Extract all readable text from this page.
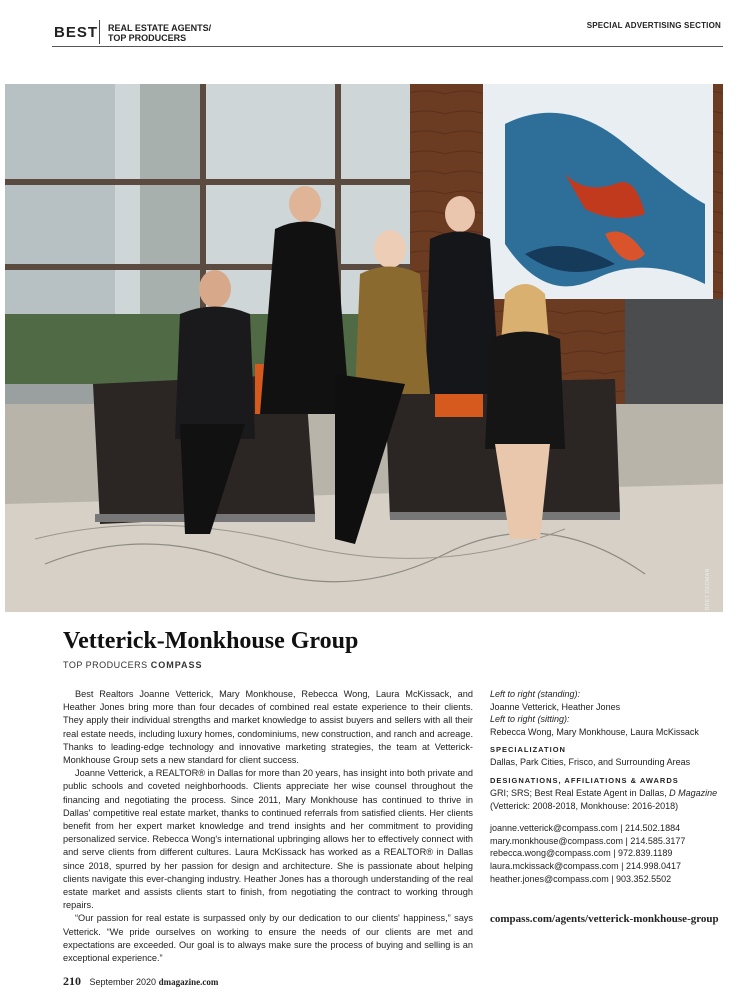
BEST REAL ESTATE AGENTS/
TOP PRODUCERS
SPECIAL ADVERTISING SECTION
BRET REDMAN
Vetterick-Monkhouse Group
TOP PRODUCERS COMPASS

Best Realtors Joanne Vetterick, Mary Monkhouse, Rebecca Wong, Laura McKissack, and Heather Jones bring more than four decades of combined real estate experience to their clients. They apply their individual strengths and market knowledge to assist buyers and sellers with all their real estate needs, including luxury homes, condominiums, new construction, and ranch and acreage. Thanks to leading-edge technology and innovative marketing strategies, the team at Vetterick-Monkhouse Group sets a new standard for client success.

Joanne Vetterick, a REALTOR® in Dallas for more than 20 years, has insight into both private and public schools and coveted neighborhoods. Clients appreciate her wise counsel throughout the financing and negotiating the process. Since 2011, Mary Monkhouse has continued to thrive in Dallas' competitive real estate market, thanks to continued referrals from satisfied clients. Her clients benefit from her expert market knowledge and trend insights and her commitment to providing personalized service. Rebecca Wong's international upbringing allows her to effectively connect with and serve clients from different cultures. Laura McKissack has worked as a REALTOR® in Dallas since 2018, spurred by her passion for design and architecture. She is passionate about helping clients navigate this ever-changing industry. Heather Jones has a thorough understanding of the real estate market and assists clients start to finish, from negotiating the contract to working through repairs.

“Our passion for real estate is surpassed only by our dedication to our clients' happiness,” says Vetterick. “We pride ourselves on working to ensure the needs of our clients are met and expectations are exceeded. Our goal is to always make sure the process of buying and selling is an exceptional experience.”

Left to right (standing):
Joanne Vetterick, Heather Jones
Left to right (sitting):
Rebecca Wong, Mary Monkhouse, Laura McKissack
SPECIALIZATION
Dallas, Park Cities, Frisco, and Surrounding Areas
DESIGNATIONS, AFFILIATIONS & AWARDS
GRI; SRS; Best Real Estate Agent in Dallas, D Magazine
(Vetterick: 2008-2018, Monkhouse: 2016-2018)
joanne.vetterick@compass.com | 214.502.1884
mary.monkhouse@compass.com | 214.585.3177
rebecca.wong@compass.com | 972.839.1189
laura.mckissack@compass.com | 214.998.0417
heather.jones@compass.com | 903.352.5502
compass.com/agents/vetterick-monkhouse-group
210 September 2020 dmagazine.com
